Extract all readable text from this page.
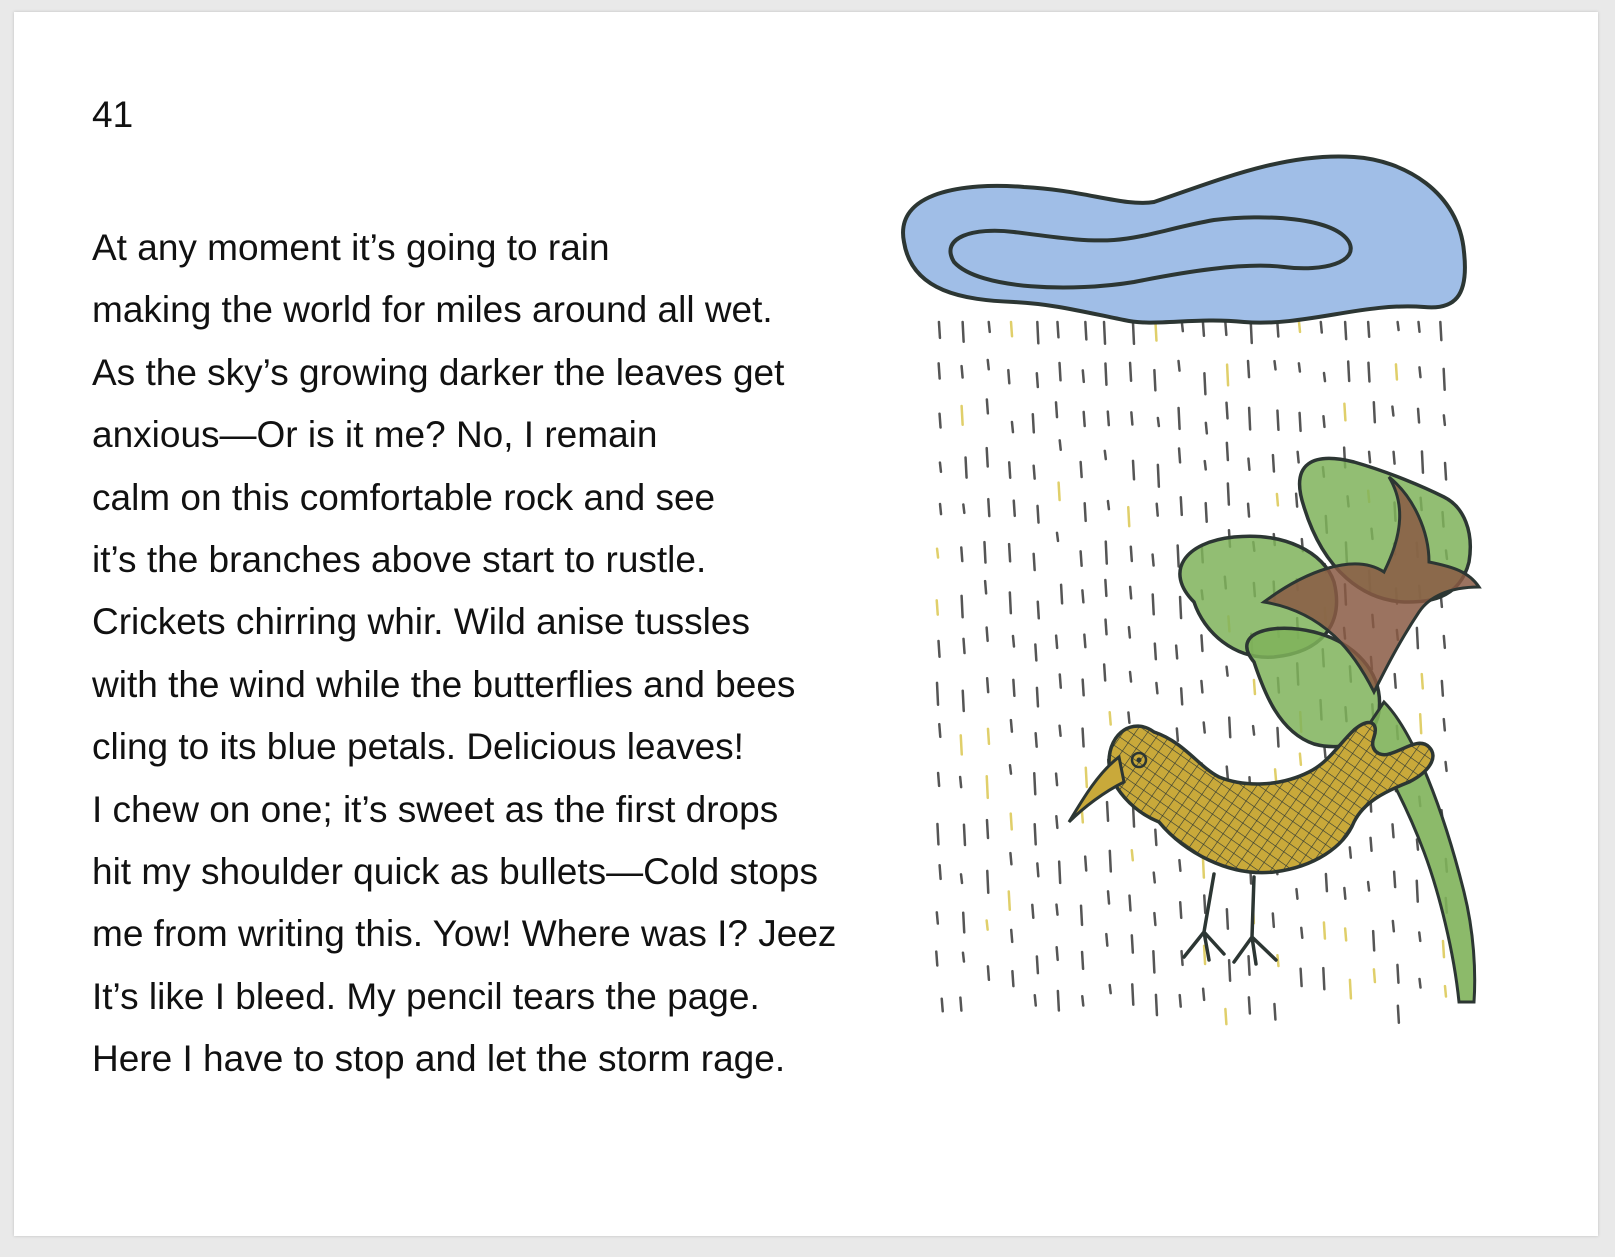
41
At any moment it’s going to rain
making the world for miles around all wet.
As the sky’s growing darker the leaves get
anxious—Or is it me? No, I remain
calm on this comfortable rock and see
it’s the branches above start to rustle.
Crickets chirring whir. Wild anise tussles
with the wind while the butterflies and bees
cling to its blue petals. Delicious leaves!
I chew on one; it’s sweet as the first drops
hit my shoulder quick as bullets—Cold stops
me from writing this. Yow! Where was I? Jeez
It’s like I bleed. My pencil tears the page.
Here I have to stop and let the storm rage.
